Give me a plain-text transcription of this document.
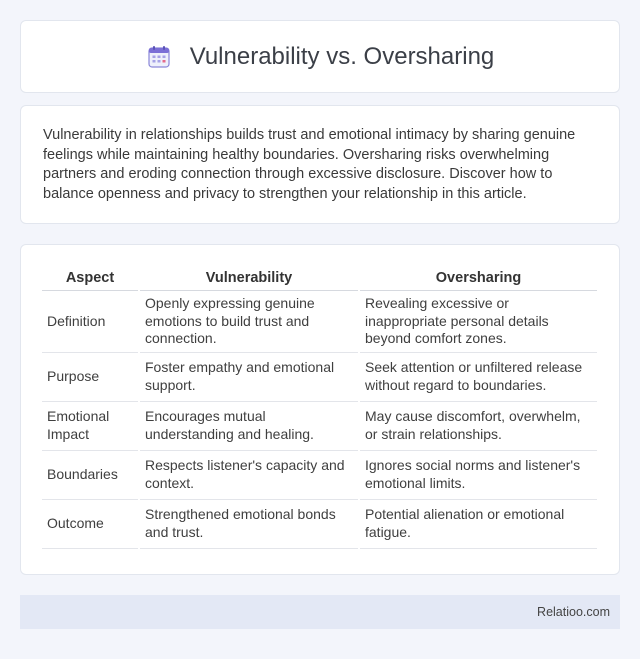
Vulnerability vs. Oversharing

Vulnerability in relationships builds trust and emotional intimacy by sharing genuine feelings while maintaining healthy boundaries. Oversharing risks overwhelming partners and eroding connection through excessive disclosure. Discover how to balance openness and privacy to strengthen your relationship in this article.

Aspect	Vulnerability	Oversharing
Definition	Openly expressing genuine emotions to build trust and connection.	Revealing excessive or inappropriate personal details beyond comfort zones.
Purpose	Foster empathy and emotional support.	Seek attention or unfiltered release without regard to boundaries.
Emotional Impact	Encourages mutual understanding and healing.	May cause discomfort, overwhelm, or strain relationships.
Boundaries	Respects listener's capacity and context.	Ignores social norms and listener's emotional limits.
Outcome	Strengthened emotional bonds and trust.	Potential alienation or emotional fatigue.
Relatioo.com
